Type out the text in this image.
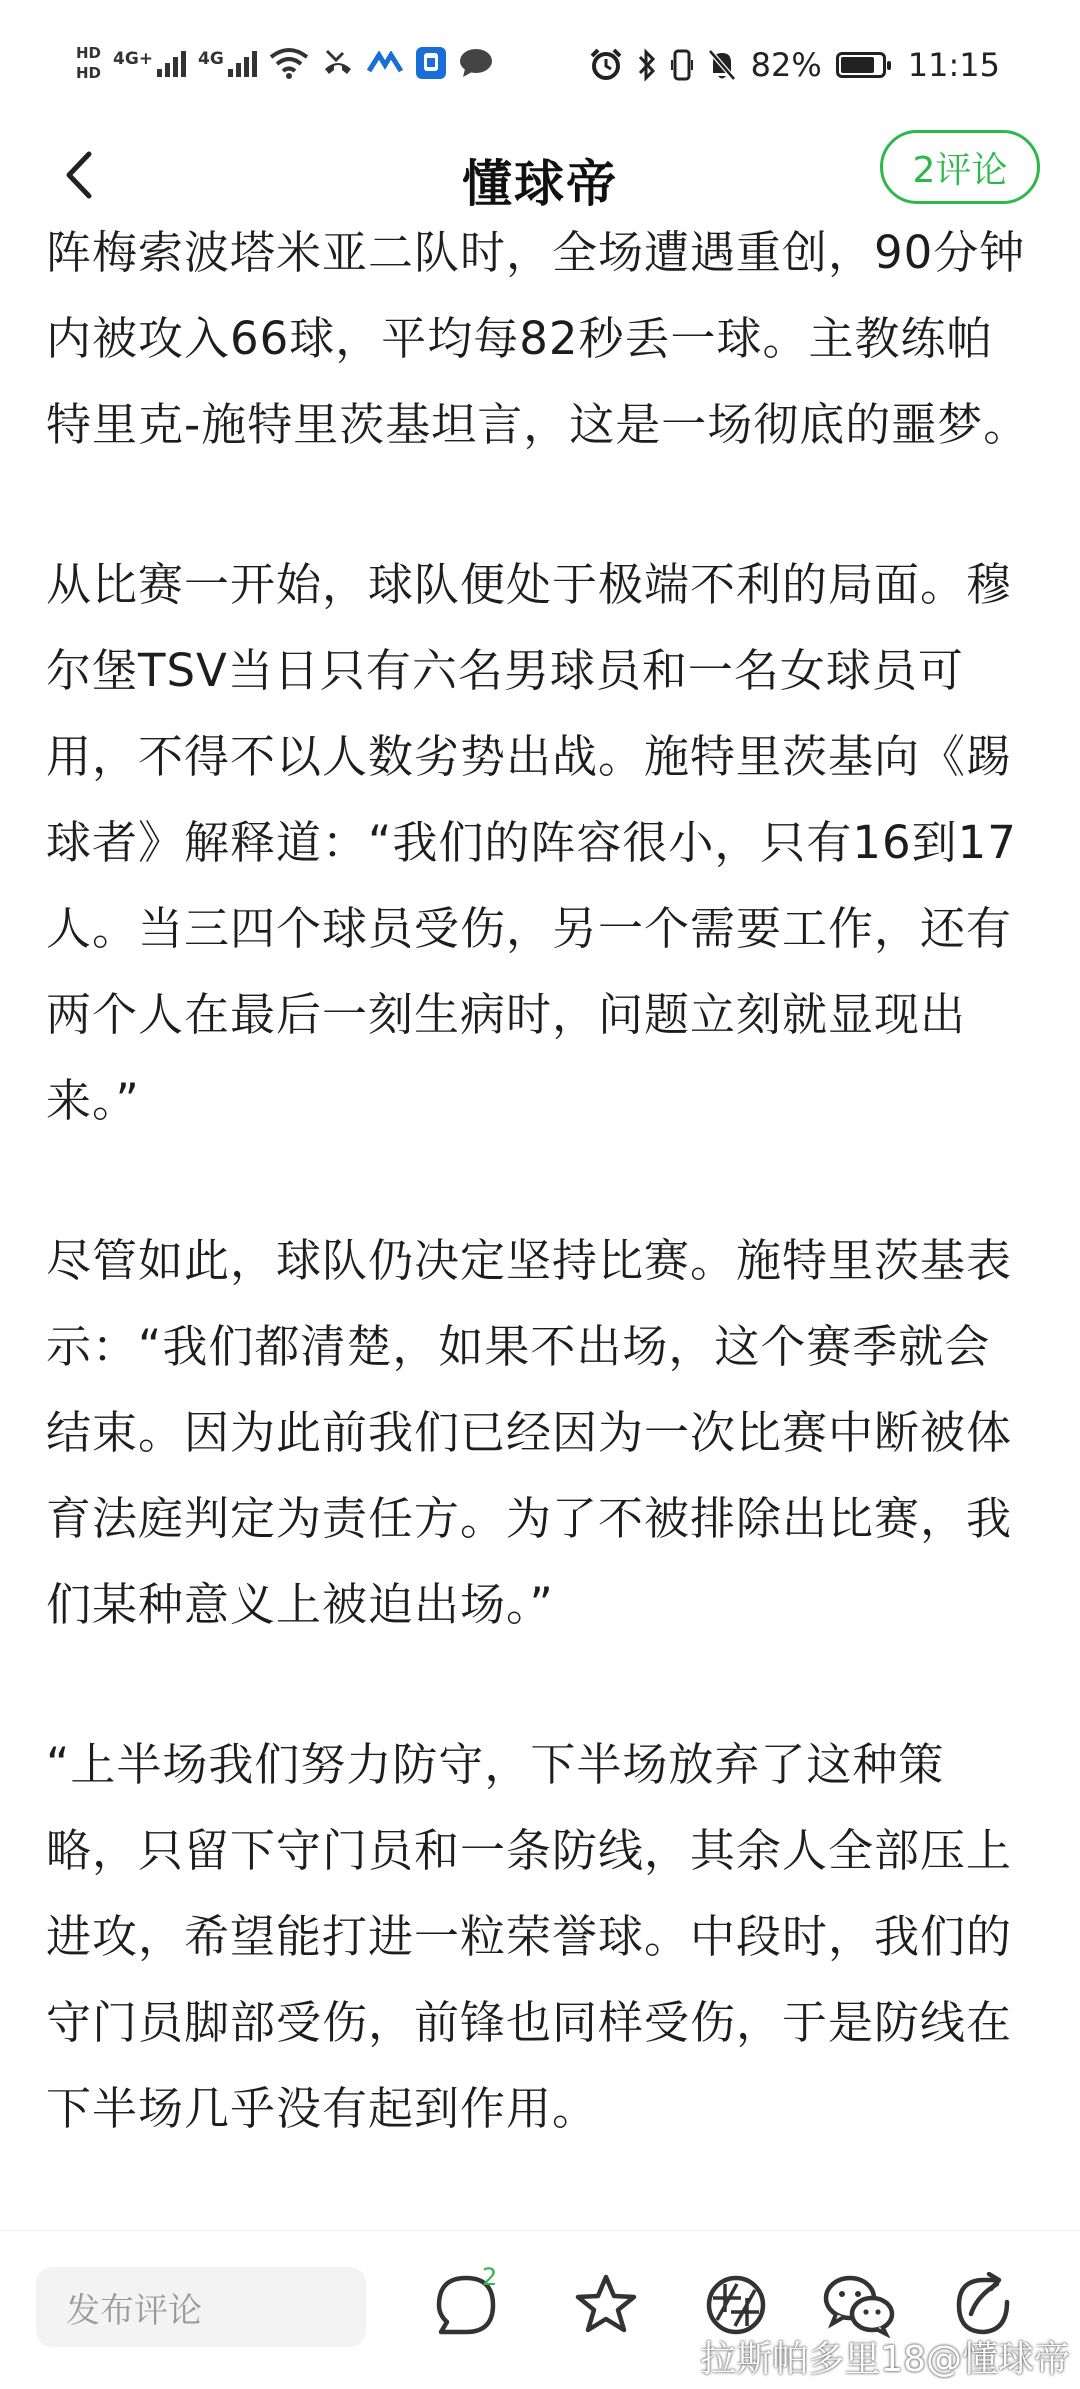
HD
HD
4G+	4G	82%	11:15
懂球帝	2评论

阵梅索波塔米亚二队时，全场遭遇重创，90分钟内被攻入66球，平均每82秒丢一球。主教练帕特里克-施特里茨基坦言，这是一场彻底的噩梦。

从比赛一开始，球队便处于极端不利的局面。穆尔堡TSV当日只有六名男球员和一名女球员可用，不得不以人数劣势出战。施特里茨基向《踢球者》解释道：“我们的阵容很小，只有16到17人。当三四个球员受伤，另一个需要工作，还有两个人在最后一刻生病时，问题立刻就显现出来。”

尽管如此，球队仍决定坚持比赛。施特里茨基表示：“我们都清楚，如果不出场，这个赛季就会结束。因为此前我们已经因为一次比赛中断被体育法庭判定为责任方。为了不被排除出比赛，我们某种意义上被迫出场。”

“上半场我们努力防守，下半场放弃了这种策略，只留下守门员和一条防线，其余人全部压上进攻，希望能打进一粒荣誉球。中段时，我们的守门员脚部受伤，前锋也同样受伤，于是防线在下半场几乎没有起到作用。

发布评论
2
拉斯帕多里18@懂球帝
